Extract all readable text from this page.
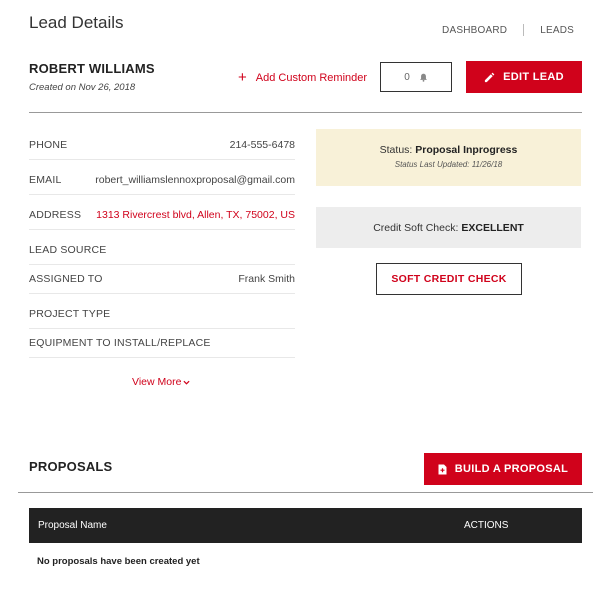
Lead Details	DASHBOARD	LEADS
ROBERT WILLIAMS
Created on Nov 26, 2018
+ Add Custom Reminder	0	EDIT LEAD
PHONE	214-555-6478
EMAIL	robert_williamslennoxproposal@gmail.com
ADDRESS 1313 Rivercrest blvd, Allen, TX, 75002, US
LEAD SOURCE
ASSIGNED TO	Frank Smith
PROJECT TYPE
EQUIPMENT TO INSTALL/REPLACE
View More
Status: Proposal Inprogress
Status Last Updated: 11/26/18
Credit Soft Check: EXCELLENT
SOFT CREDIT CHECK
PROPOSALS	BUILD A PROPOSAL
Proposal Name	ACTIONS
No proposals have been created yet
